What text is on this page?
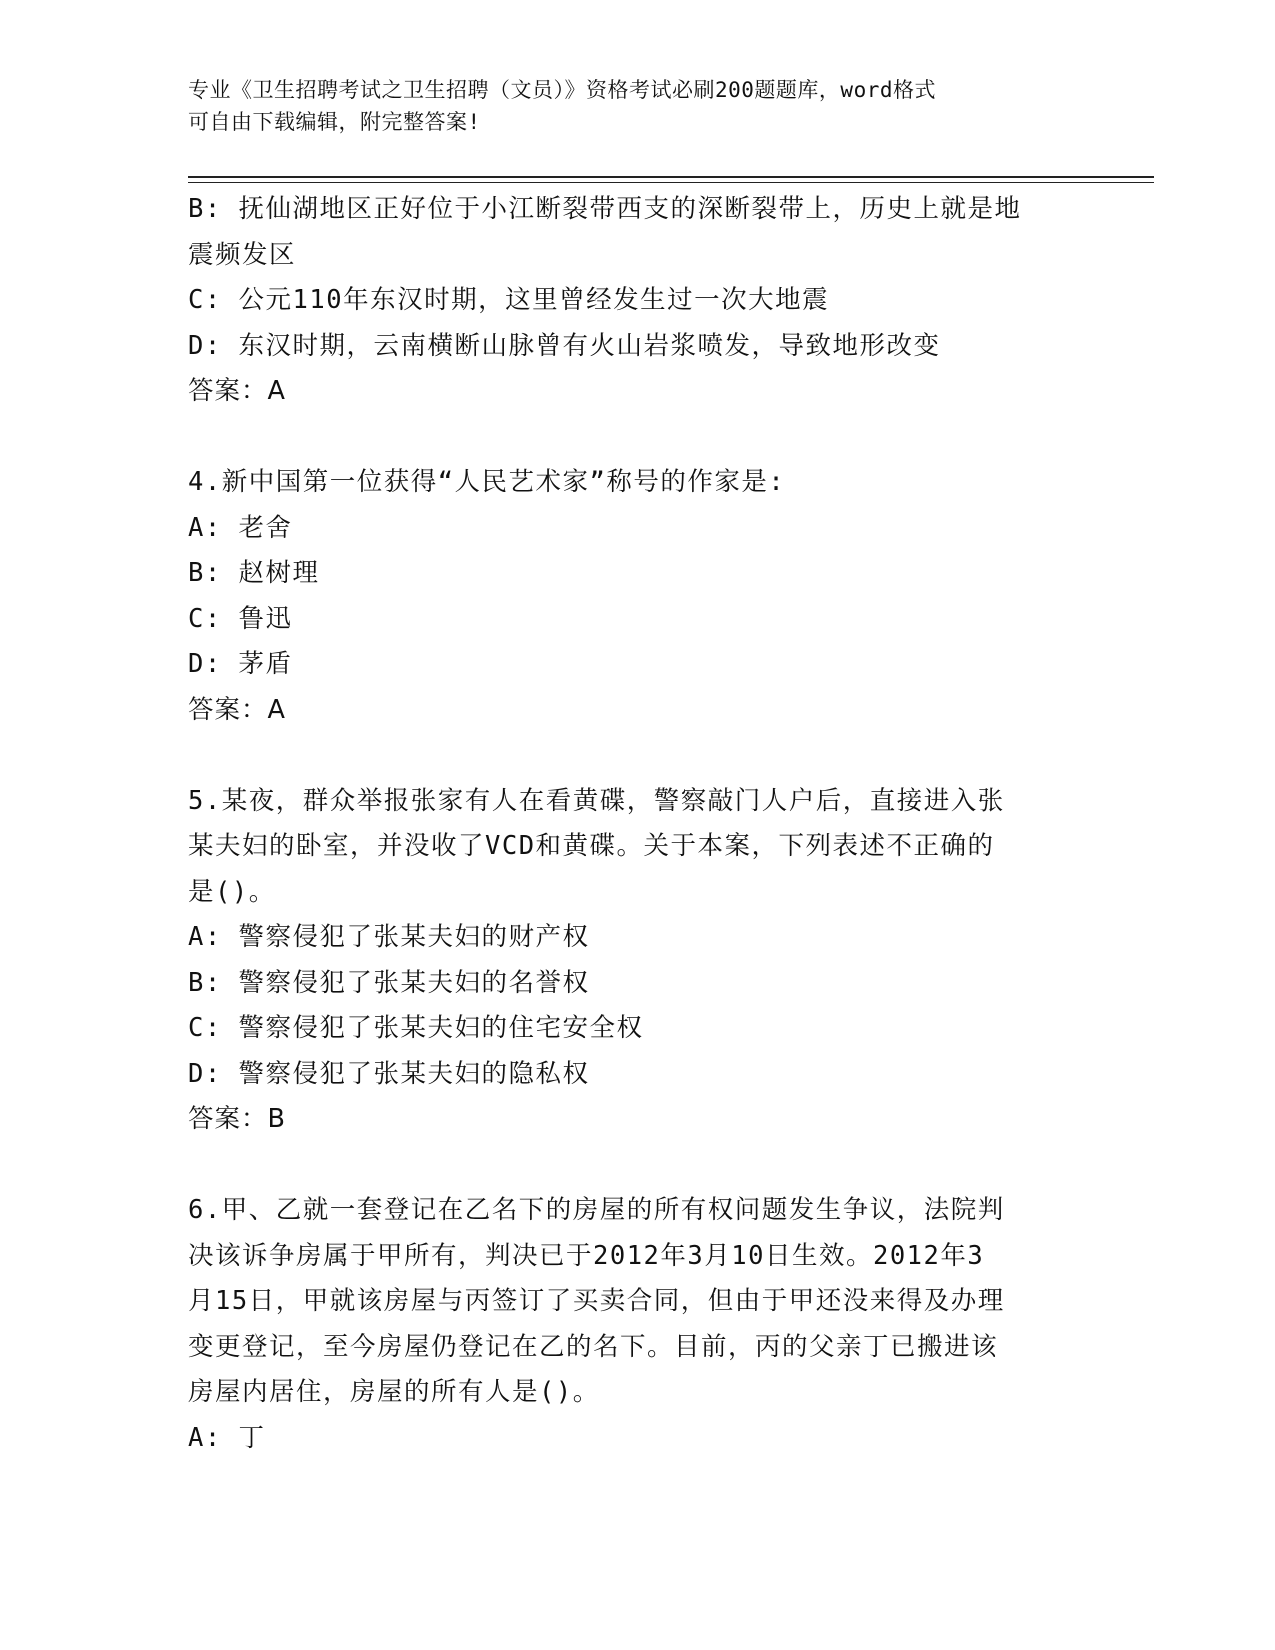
专业《卫生招聘考试之卫生招聘（文员）》资格考试必刷200题题库，word格式
可自由下载编辑，附完整答案!
B: 抚仙湖地区正好位于小江断裂带西支的深断裂带上，历史上就是地
震频发区
C: 公元110年东汉时期，这里曾经发生过一次大地震
D: 东汉时期，云南横断山脉曾有火山岩浆喷发，导致地形改变
答案：A
4.新中国第一位获得“人民艺术家”称号的作家是:
A: 老舍
B: 赵树理
C: 鲁迅
D: 茅盾
答案：A
5.某夜，群众举报张家有人在看黄碟，警察敲门人户后，直接进入张
某夫妇的卧室，并没收了VCD和黄碟。关于本案，下列表述不正确的
是()。
A: 警察侵犯了张某夫妇的财产权
B: 警察侵犯了张某夫妇的名誉权
C: 警察侵犯了张某夫妇的住宅安全权
D: 警察侵犯了张某夫妇的隐私权
答案：B
6.甲、乙就一套登记在乙名下的房屋的所有权问题发生争议，法院判
决该诉争房属于甲所有，判决已于2012年3月10日生效。2012年3
月15日，甲就该房屋与丙签订了买卖合同，但由于甲还没来得及办理
变更登记，至今房屋仍登记在乙的名下。目前，丙的父亲丁已搬进该
房屋内居住，房屋的所有人是()。
A: 丁
